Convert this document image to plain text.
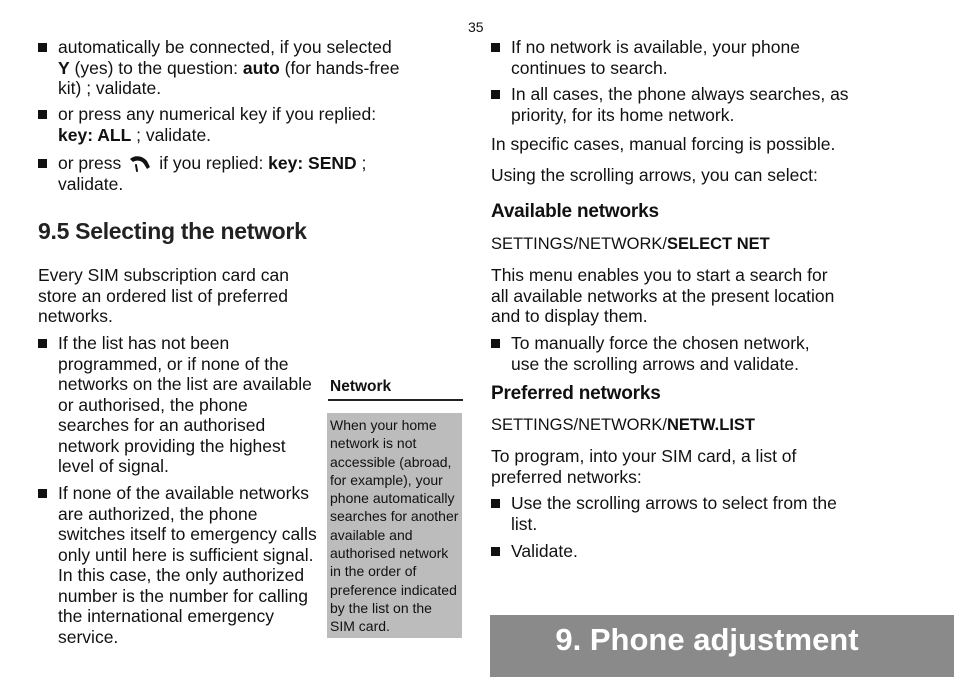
35
automatically be connected, if you selected Y (yes) to the question: auto (for hands-free kit) ; validate.
or press any numerical key if you replied: key: ALL ; validate.
or press if you replied: key: SEND ; validate.
9.5 Selecting the network
Every SIM subscription card can store an ordered list of preferred networks.
If the list has not been programmed, or if none of the networks on the list are available or authorised, the phone searches for an authorised network providing the highest level of signal.
If none of the available networks are authorized, the phone switches itself to emergency calls only until here is sufficient signal. In this case, the only authorized number is the number for calling the international emergency service.
Network
When your home network is not accessible (abroad, for example), your phone automatically searches for another available and authorised network in the order of preference indicated by the list on the SIM card.
If no network is available, your phone continues to search.
In all cases, the phone always searches, as priority, for its home network.
In specific cases, manual forcing is possible.
Using the scrolling arrows, you can select:
Available networks
SETTINGS/NETWORK/SELECT NET
This menu enables you to start a search for all available networks at the present location and to display them.
To manually force the chosen network, use the scrolling arrows and validate.
Preferred networks
SETTINGS/NETWORK/NETW.LIST
To program, into your SIM card, a list of preferred networks:
Use the scrolling arrows to select from the list.
Validate.
9. Phone adjustment
